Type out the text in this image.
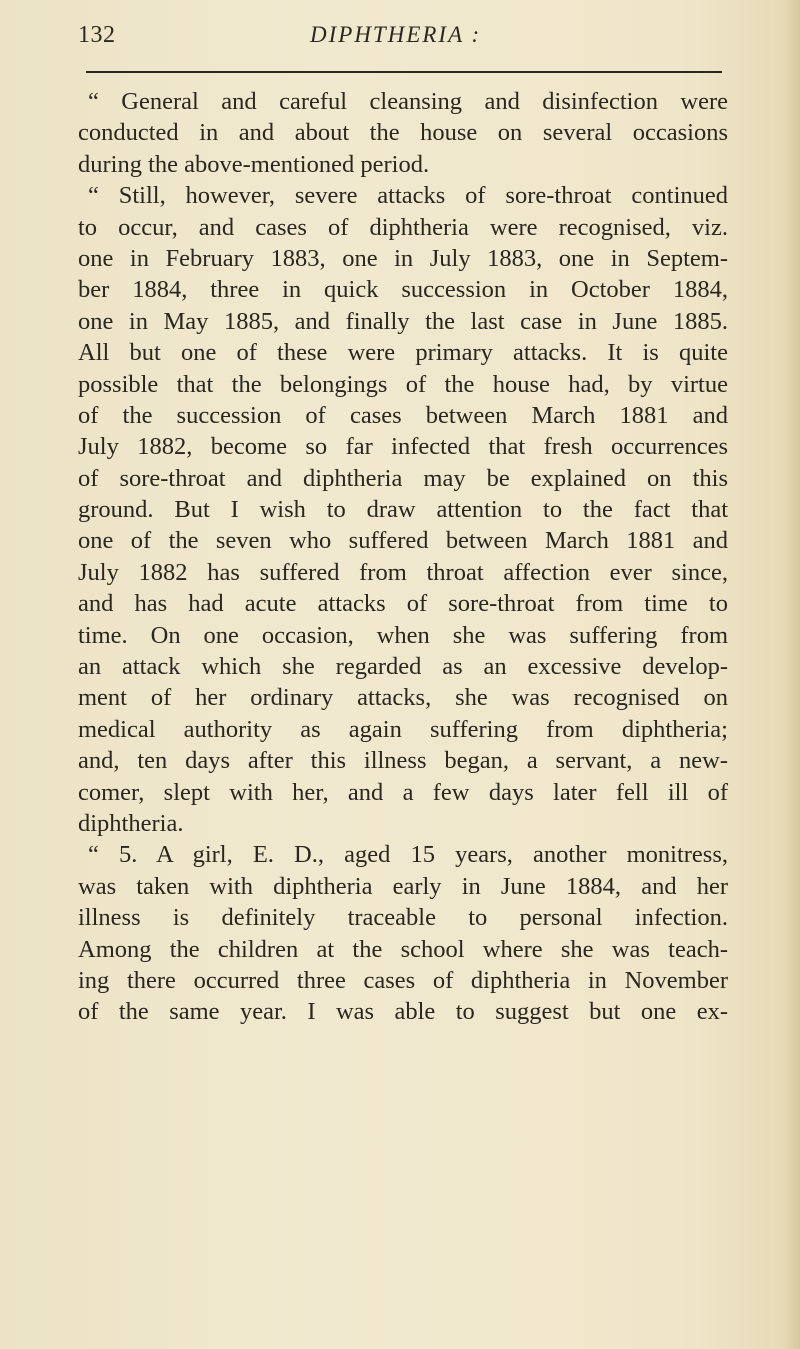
132	DIPHTHERIA :
“ General and careful cleansing and disinfection were
conducted in and about the house on several occasions
during the above-mentioned period.
“ Still, however, severe attacks of sore-throat continued
to occur, and cases of diphtheria were recognised, viz.
one in February 1883, one in July 1883, one in Septem-
ber 1884, three in quick succession in October 1884,
one in May 1885, and finally the last case in June 1885.
All but one of these were primary attacks. It is quite
possible that the belongings of the house had, by virtue
of the succession of cases between March 1881 and
July 1882, become so far infected that fresh occurrences
of sore-throat and diphtheria may be explained on this
ground. But I wish to draw attention to the fact that
one of the seven who suffered between March 1881 and
July 1882 has suffered from throat affection ever since,
and has had acute attacks of sore-throat from time to
time. On one occasion, when she was suffering from
an attack which she regarded as an excessive develop-
ment of her ordinary attacks, she was recognised on
medical authority as again suffering from diphtheria;
and, ten days after this illness began, a servant, a new-
comer, slept with her, and a few days later fell ill of
diphtheria.
“ 5. A girl, E. D., aged 15 years, another monitress,
was taken with diphtheria early in June 1884, and her
illness is definitely traceable to personal infection.
Among the children at the school where she was teach-
ing there occurred three cases of diphtheria in November
of the same year. I was able to suggest but one ex-
